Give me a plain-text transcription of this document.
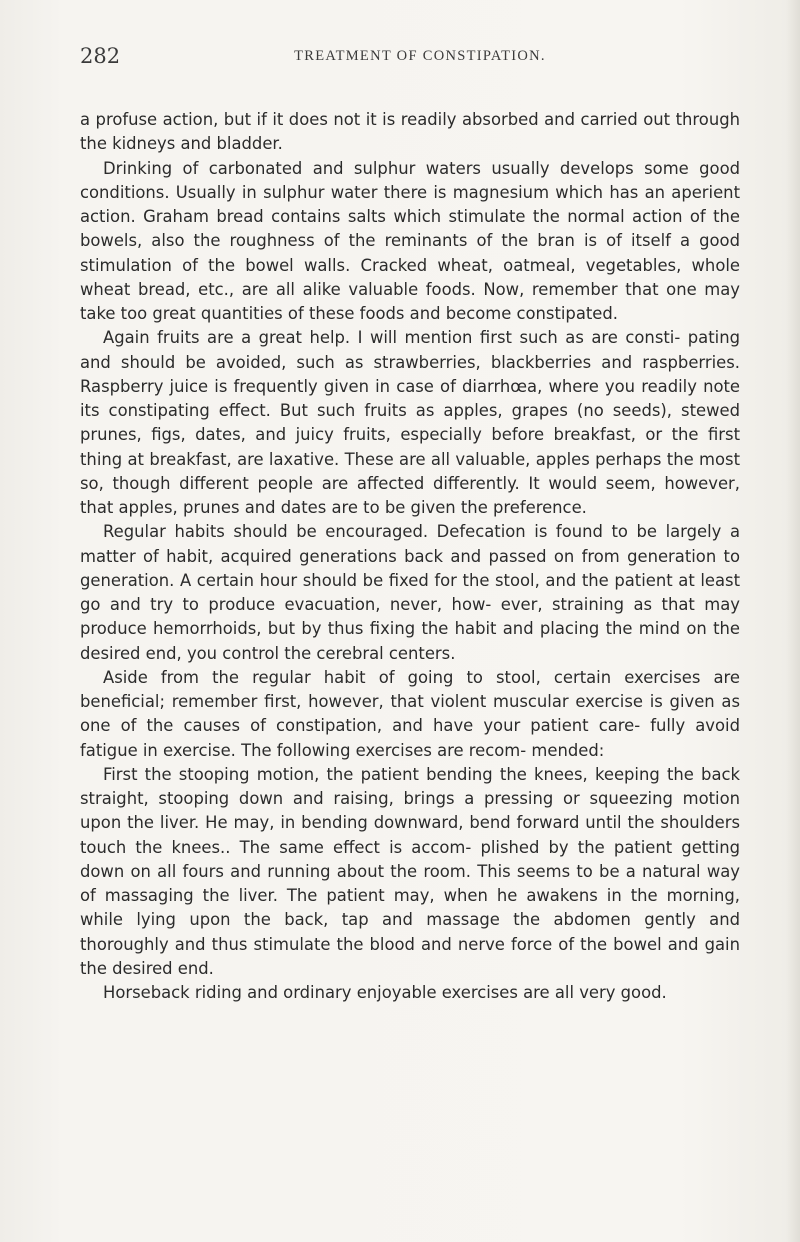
282	TREATMENT OF CONSTIPATION.

a profuse action, but if it does not it is readily absorbed and carried out through the kidneys and bladder.

Drinking of carbonated and sulphur waters usually develops some good conditions. Usually in sulphur water there is magnesium which has an aperient action. Graham bread contains salts which stimulate the normal action of the bowels, also the roughness of the reminants of the bran is of itself a good stimulation of the bowel walls. Cracked wheat, oatmeal, vegetables, whole wheat bread, etc., are all alike valuable foods. Now, remember that one may take too great quantities of these foods and become constipated.

Again fruits are a great help. I will mention first such as are consti- pating and should be avoided, such as strawberries, blackberries and raspberries. Raspberry juice is frequently given in case of diarrhœa, where you readily note its constipating effect. But such fruits as apples, grapes (no seeds), stewed prunes, figs, dates, and juicy fruits, especially before breakfast, or the first thing at breakfast, are laxative. These are all valuable, apples perhaps the most so, though different people are affected differently. It would seem, however, that apples, prunes and dates are to be given the preference.

Regular habits should be encouraged. Defecation is found to be largely a matter of habit, acquired generations back and passed on from generation to generation. A certain hour should be fixed for the stool, and the patient at least go and try to produce evacuation, never, how- ever, straining as that may produce hemorrhoids, but by thus fixing the habit and placing the mind on the desired end, you control the cerebral centers.

Aside from the regular habit of going to stool, certain exercises are beneficial; remember first, however, that violent muscular exercise is given as one of the causes of constipation, and have your patient care- fully avoid fatigue in exercise. The following exercises are recom- mended:

First the stooping motion, the patient bending the knees, keeping the back straight, stooping down and raising, brings a pressing or squeezing motion upon the liver. He may, in bending downward, bend forward until the shoulders touch the knees.. The same effect is accom- plished by the patient getting down on all fours and running about the room. This seems to be a natural way of massaging the liver. The patient may, when he awakens in the morning, while lying upon the back, tap and massage the abdomen gently and thoroughly and thus stimulate the blood and nerve force of the bowel and gain the desired end.

Horseback riding and ordinary enjoyable exercises are all very good.
